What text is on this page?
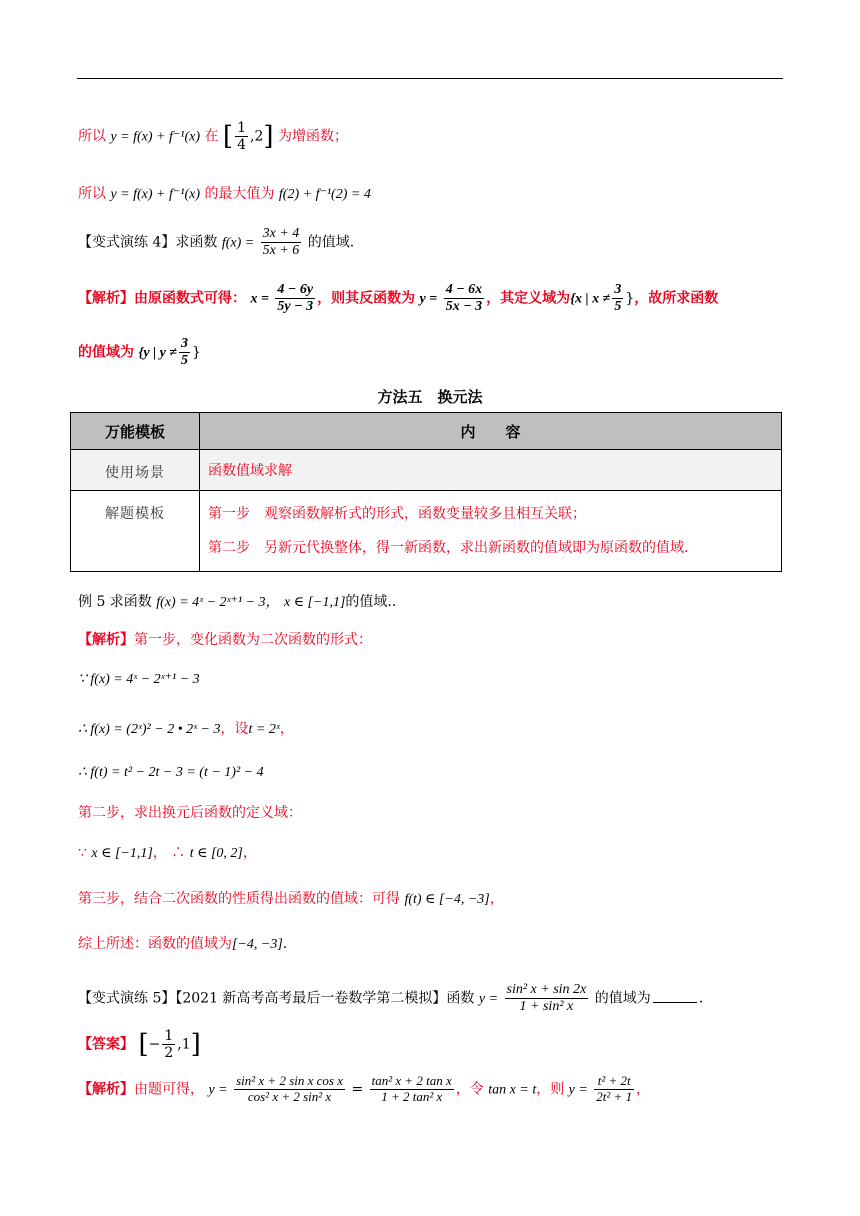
所以 y = f(x) + f⁻¹(x) 在 [ $\frac{1}{4} ,2$] 为增函数；
所以 y = f(x) + f⁻¹(x) 的最大值为 f(2) + f⁻¹(2) = 4
【变式演练 4】求函数 $f(x) = \frac{3x + 4}{5x + 6}$ 的值域.
【解析】由原函数式可得： $x = \frac{4 - 6y}{5y - 3}$ ，则其反函数为 $y = \frac{4 - 6x}{5x - 3}$ ，其定义域为{x | $x \ne \frac{3}{5}$ }，故所求函数
的值域为 {y | $y \ne \frac{3}{5}$ }
方法五　换元法
万能模板	内　　容
使用场景	函数值域求解
解题模板	第一步　观察函数解析式的形式，函数变量较多且相互关联；
第二步　另新元代换整体，得一新函数，求出新函数的值域即为原函数的值域.
例 5 求函数 f(x) = 4ˣ − 2ˣ⁺¹ − 3， x ∈ [−1,1]的值域..
【解析】第一步，变化函数为二次函数的形式：
∵ f(x) = 4ˣ − 2ˣ⁺¹ − 3
∴ f(x) = (2ˣ)² − 2 • 2ˣ − 3，设t = 2ˣ，
∴ f(t) = t² − 2t − 3 = (t − 1)² − 4
第二步，求出换元后函数的定义域：
∵ x ∈ [−1,1]， ∴ t ∈ [0, 2]，
第三步，结合二次函数的性质得出函数的值域：可得 f(t) ∈ [−4, −3]，
综上所述：函数的值域为[−4, −3].
【变式演练 5】【2021 新高考高考最后一卷数学第二模拟】函数 $y = \frac{\text{sin² x + sin 2x}}{\text{1 + sin² x}}$ 的值域为	.
【答案】 [− $\frac{1}{2} ,1$]
【解析】由题可得， $y = \frac{\text{sin² x + 2 sin x cos x}}{\text{cos² x + 2 sin² x}} = \frac{\text{tan² x + 2 tan x}}{\text{1 + 2 tan² x}}$ ，令 tan x = t，则 $y = \frac{\text{t² + 2t}}{\text{2t² + 1}}$ ，
